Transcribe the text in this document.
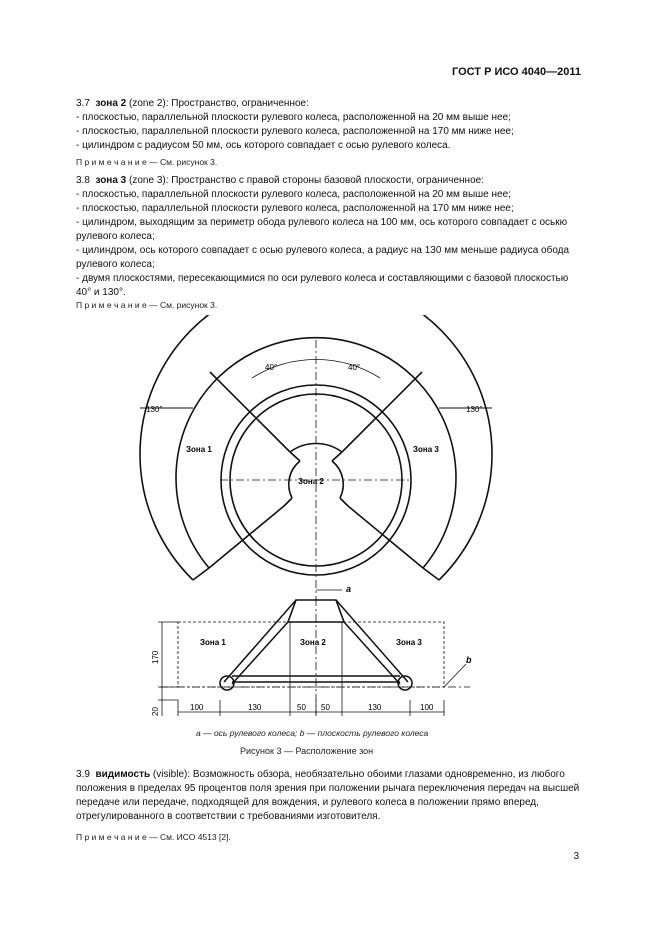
ГОСТ Р ИСО 4040—2011
3.7 зона 2 (zone 2): Пространство, ограниченное:
- плоскостью, параллельной плоскости рулевого колеса, расположенной на 20 мм выше нее;
- плоскостью, параллельной плоскости рулевого колеса, расположенной на 170 мм ниже нее;
- цилиндром с радиусом 50 мм, ось которого совпадает с осью рулевого колеса.
П р и м е ч а н и е — См. рисунок 3.
3.8 зона 3 (zone 3): Пространство с правой стороны базовой плоскости, ограниченное:
- плоскостью, параллельной плоскости рулевого колеса, расположенной на 20 мм выше нее;
- плоскостью, параллельной плоскости рулевого колеса, расположенной на 170 мм ниже нее;
- цилиндром, выходящим за периметр обода рулевого колеса на 100 мм, ось которого совпадает с оськю рулевого колеса;
- цилиндром, ось которого совпадает с осью рулевого колеса, а радиус на 130 мм меньше радиуса обода рулевого колеса;
- двумя плоскостями, пересекающимися по оси рулевого колеса и составляющими с базовой плоскостью 40° и 130°.
П р и м е ч а н и е — См. рисунок 3.
40°	40°
130°	130°
Зона 1	Зона 3
Зона 2
a
Зона 1	Зона 2	Зона 3
b
170
20	100	130	50 50	130	100
a — ось рулевого колеса; b — плоскость рулевого колеса
Рисунок 3 — Расположение зон
3.9 видимость (visible): Возможность обзора, необязательно обоими глазами одновременно, из любого положения в пределах 95 процентов поля зрения при положении рычага переключения передач на высшей передаче или передаче, подходящей для вождения, и рулевого колеса в положении прямо вперед, отрегулированного в соответствии с требованиями изготовителя.
П р и м е ч а н и е — См. ИСО 4513 [2].
3
